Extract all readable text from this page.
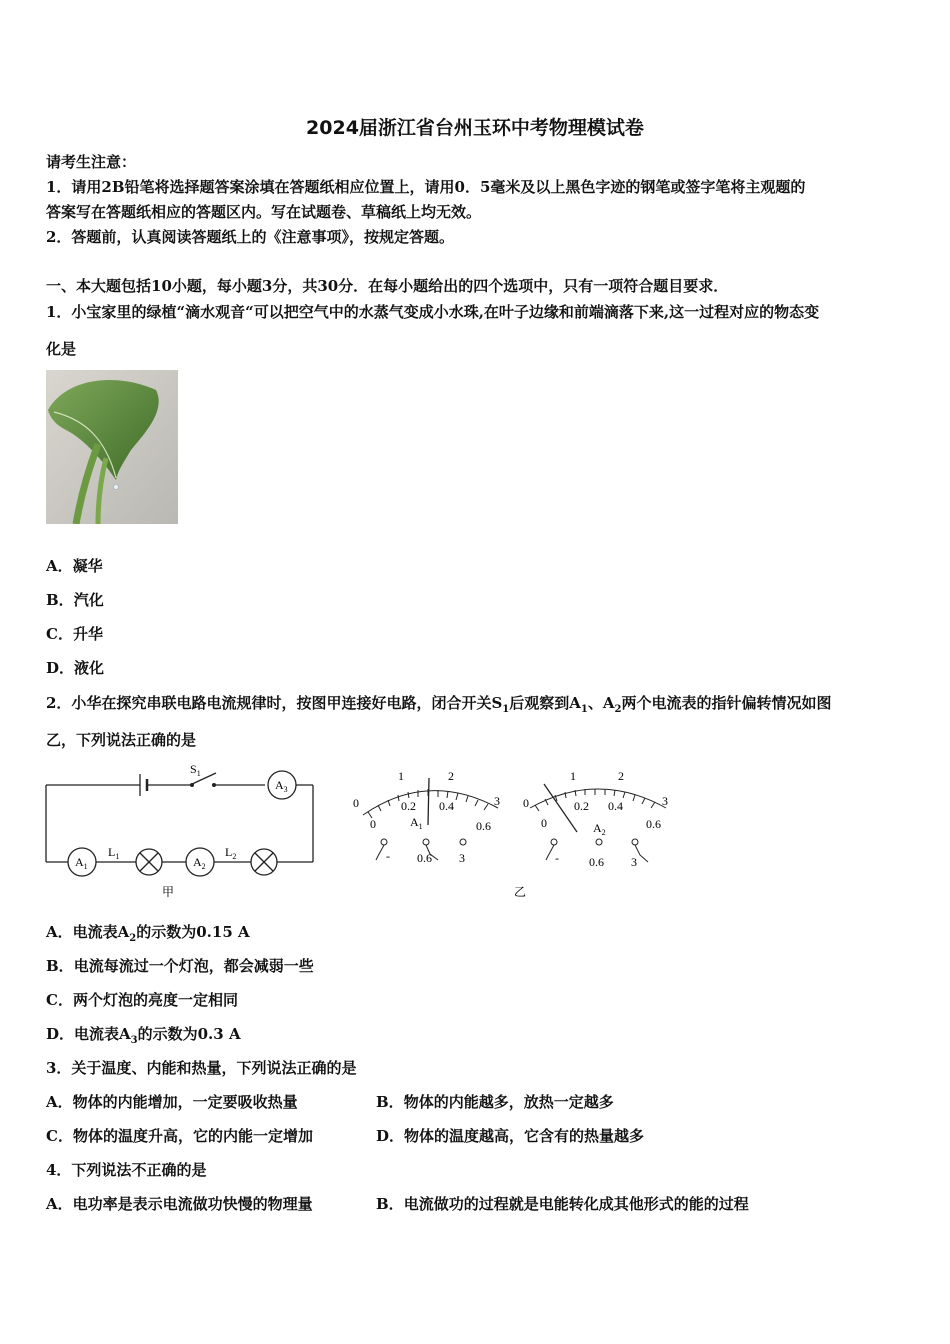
2024届浙江省台州玉环中考物理模试卷
请考生注意：
1．请用2B铅笔将选择题答案涂填在答题纸相应位置上，请用0．5毫米及以上黑色字迹的钢笔或签字笔将主观题的
答案写在答题纸相应的答题区内。写在试题卷、草稿纸上均无效。
2．答题前，认真阅读答题纸上的《注意事项》，按规定答题。
一、本大题包括10小题，每小题3分，共30分．在每小题给出的四个选项中，只有一项符合题目要求．
1．小宝家里的绿植“滴水观音“可以把空气中的水蒸气变成小水珠,在叶子边缘和前端滴落下来,这一过程对应的物态变
化是
A．凝华
B．汽化
C．升华
D．液化
2．小华在探究串联电路电流规律时，按图甲连接好电路，闭合开关$S_1$后观察到$A_1$、$A_2$两个电流表的指针偏转情况如图
乙，下列说法正确的是
$S_1$
$A_3$
$A_1$	$A_2$
$L_1$	$L_2$
甲
1	2
0	3
0.2 0.4
0	0.6
$A_1$
1	2
0	3
0.2 0.4
0	0.6
$A_2$
- 0.6 3	-	0.6 3
乙
A．电流表$A_2$的示数为0.15 A
B．电流每流过一个灯泡，都会减弱一些
C．两个灯泡的亮度一定相同
D．电流表$A_3$的示数为0.3 A
3．关于温度、内能和热量，下列说法正确的是
A．物体的内能增加，一定要吸收热量	B．物体的内能越多，放热一定越多
C．物体的温度升高，它的内能一定增加	D．物体的温度越高，它含有的热量越多
4．下列说法不正确的是
A．电功率是表示电流做功快慢的物理量	B．电流做功的过程就是电能转化成其他形式的能的过程
